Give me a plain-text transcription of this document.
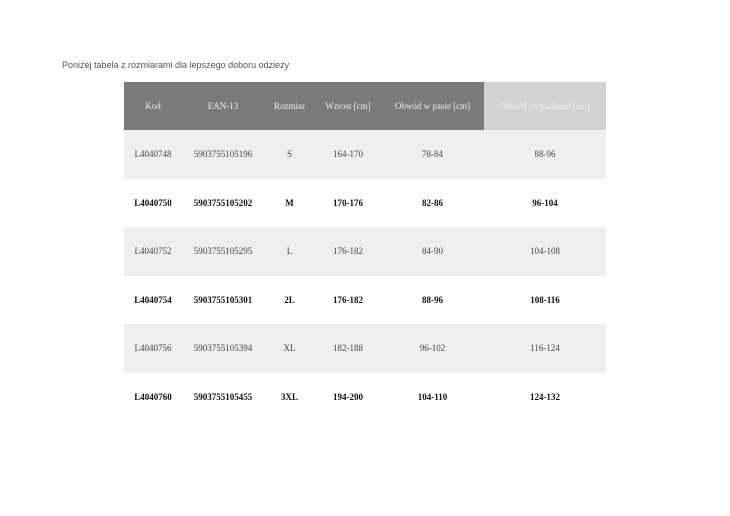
Poniżej tabela z rozmiarami dla lepszego doboru odzieży

Kod	EAN-13	Rozmiar	Wzrost [cm]	Obwód w pasie [cm]	Obwód po pachami [cm]
L4040748	5903755105196	S	164-170	78-84	88-96
L4040750	5903755105202	M	170-176	82-86	96-104
L4040752	5903755105295	L	176-182	84-90	104-108
L4040754	5903755105301	2L	176-182	88-96	108-116
L4040756	5903755105394	XL	182-188	96-102	116-124
L4040760	5903755105455	3XL	194-200	104-110	124-132
